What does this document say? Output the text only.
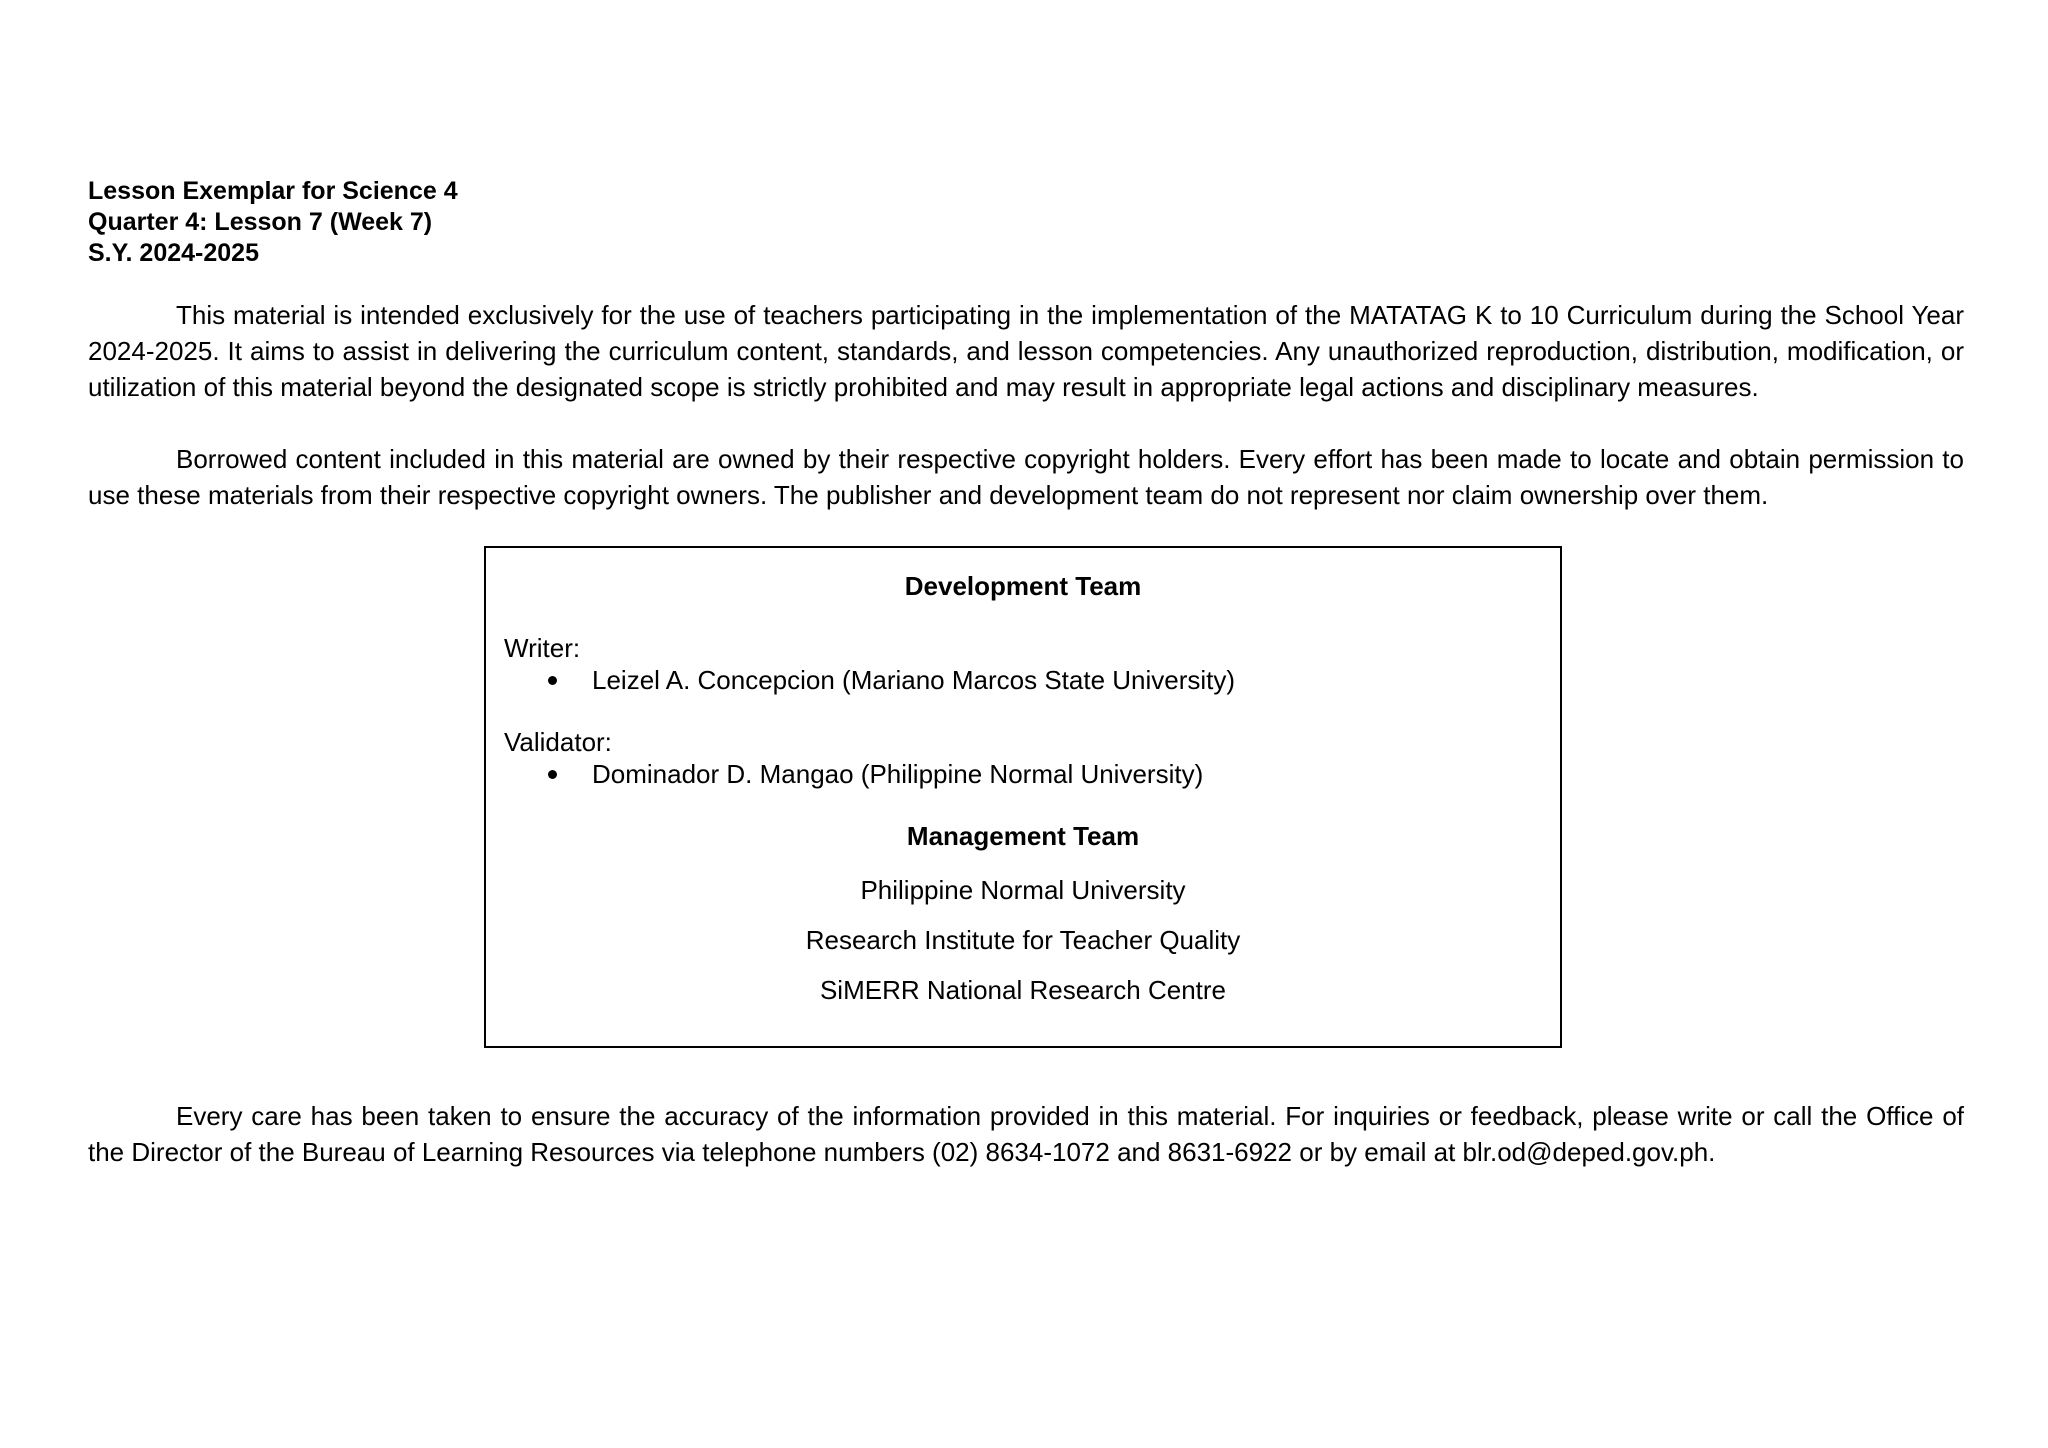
Lesson Exemplar for Science 4
Quarter 4: Lesson 7 (Week 7)
S.Y. 2024-2025

This material is intended exclusively for the use of teachers participating in the implementation of the MATATAG K to 10 Curriculum during the School Year 2024-2025. It aims to assist in delivering the curriculum content, standards, and lesson competencies. Any unauthorized reproduction, distribution, modification, or utilization of this material beyond the designated scope is strictly prohibited and may result in appropriate legal actions and disciplinary measures.

Borrowed content included in this material are owned by their respective copyright holders. Every effort has been made to locate and obtain permission to use these materials from their respective copyright owners. The publisher and development team do not represent nor claim ownership over them.

Development Team
Writer:
Leizel A. Concepcion (Mariano Marcos State University)
Validator:
Dominador D. Mangao (Philippine Normal University)
Management Team
Philippine Normal University
Research Institute for Teacher Quality
SiMERR National Research Centre

Every care has been taken to ensure the accuracy of the information provided in this material. For inquiries or feedback, please write or call the Office of the Director of the Bureau of Learning Resources via telephone numbers (02) 8634-1072 and 8631-6922 or by email at blr.od@deped.gov.ph.
